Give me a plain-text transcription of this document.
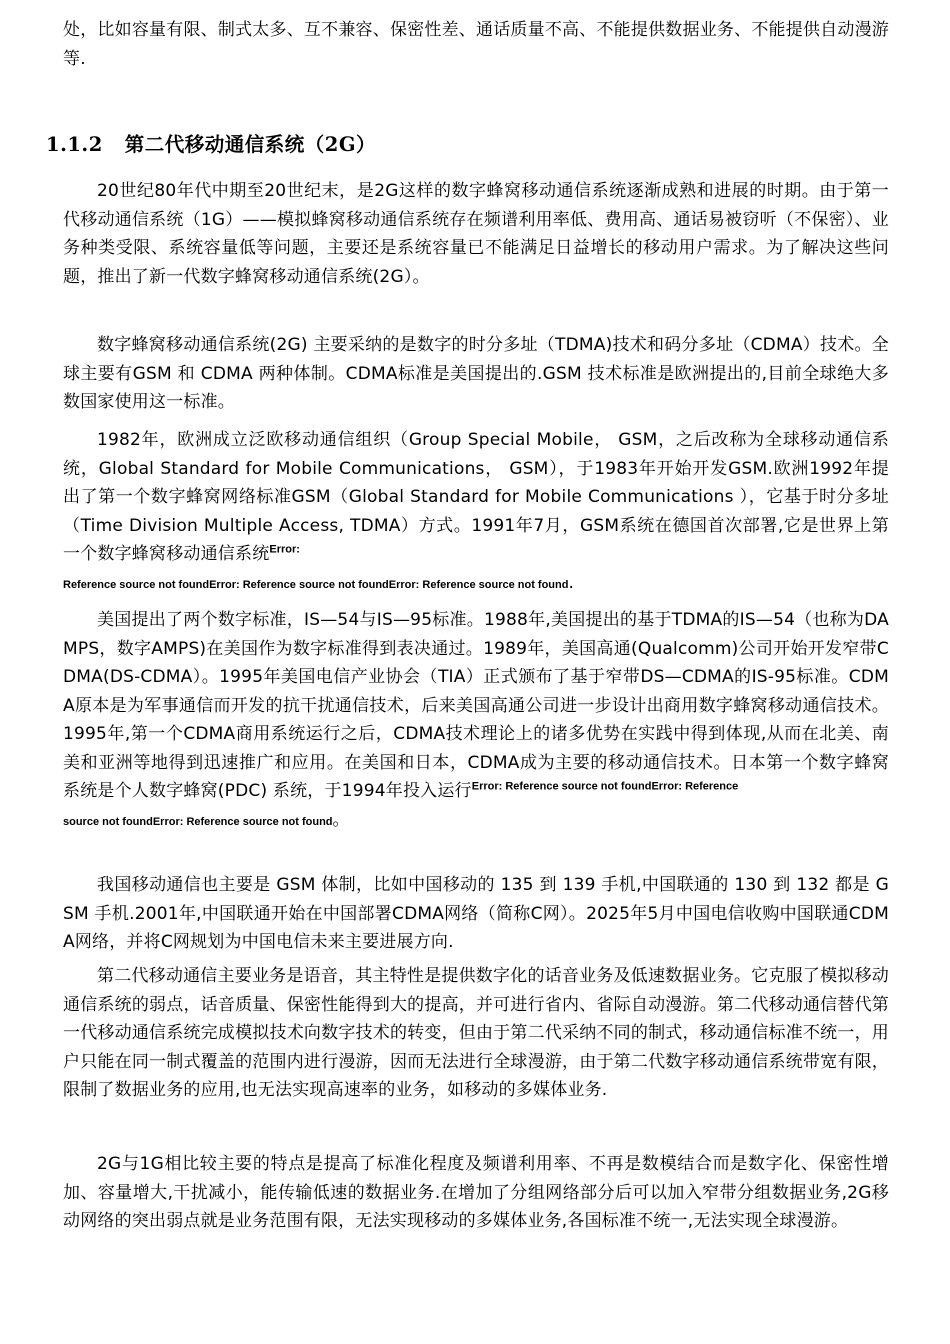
处，比如容量有限、制式太多、互不兼容、保密性差、通话质量不高、不能提供数据业务、不能提供自动漫游等.

1.1.2 第二代移动通信系统（2G）

20世纪80年代中期至20世纪末，是2G这样的数字蜂窝移动通信系统逐渐成熟和进展的时期。由于第一代移动通信系统（1G）——模拟蜂窝移动通信系统存在频谱利用率低、费用高、通话易被窃听（不保密）、业务种类受限、系统容量低等问题，主要还是系统容量已不能满足日益增长的移动用户需求。为了解决这些问题，推出了新一代数字蜂窝移动通信系统(2G）。

数字蜂窝移动通信系统(2G) 主要采纳的是数字的时分多址（TDMA)技术和码分多址（CDMA）技术。全球主要有GSM 和 CDMA 两种体制。CDMA标准是美国提出的.GSM 技术标准是欧洲提出的,目前全球绝大多数国家使用这一标准。

1982年，欧洲成立泛欧移动通信组织（Group Special Mobile， GSM，之后改称为全球移动通信系统，Global Standard for Mobile Communications， GSM），于1983年开始开发GSM.欧洲1992年提出了第一个数字蜂窝网络标准GSM（Global Standard for Mobile Communications ），它基于时分多址（Time Division Multiple Access, TDMA）方式。1991年7月，GSM系统在德国首次部署,它是世界上第一个数字蜂窝移动通信系统$^{Error:}$
Reference source not foundError: Reference source not foundError: Reference source not found.

美国提出了两个数字标准，IS—54与IS—95标准。1988年,美国提出的基于TDMA的IS—54（也称为DAMPS，数字AMPS)在美国作为数字标准得到表决通过。1989年，美国高通(Qualcomm)公司开始开发窄带CDMA(DS-CDMA）。1995年美国电信产业协会（TIA）正式颁布了基于窄带DS—CDMA的IS-95标准。CDMA原本是为军事通信而开发的抗干扰通信技术，后来美国高通公司进一步设计出商用数字蜂窝移动通信技术。1995年,第一个CDMA商用系统运行之后，CDMA技术理论上的诸多优势在实践中得到体现,从而在北美、南美和亚洲等地得到迅速推广和应用。在美国和日本，CDMA成为主要的移动通信技术。日本第一个数字蜂窝系统是个人数字蜂窝(PDC) 系统，于1994年投入运行$^{Error: Reference source not foundError: Reference}$
source not foundError: Reference source not found。

我国移动通信也主要是 GSM 体制，比如中国移动的 135 到 139 手机,中国联通的 130 到 132 都是 GSM 手机.2001年,中国联通开始在中国部署CDMA网络（简称C网）。2025年5月中国电信收购中国联通CDMA网络，并将C网规划为中国电信未来主要进展方向.

第二代移动通信主要业务是语音，其主特性是提供数字化的话音业务及低速数据业务。它克服了模拟移动通信系统的弱点，话音质量、保密性能得到大的提高，并可进行省内、省际自动漫游。第二代移动通信替代第一代移动通信系统完成模拟技术向数字技术的转变，但由于第二代采纳不同的制式，移动通信标准不统一，用户只能在同一制式覆盖的范围内进行漫游，因而无法进行全球漫游，由于第二代数字移动通信系统带宽有限，限制了数据业务的应用,也无法实现高速率的业务，如移动的多媒体业务.

2G与1G相比较主要的特点是提高了标准化程度及频谱利用率、不再是数模结合而是数字化、保密性增加、容量增大,干扰减小，能传输低速的数据业务.在增加了分组网络部分后可以加入窄带分组数据业务,2G移动网络的突出弱点就是业务范围有限，无法实现移动的多媒体业务,各国标准不统一,无法实现全球漫游。
